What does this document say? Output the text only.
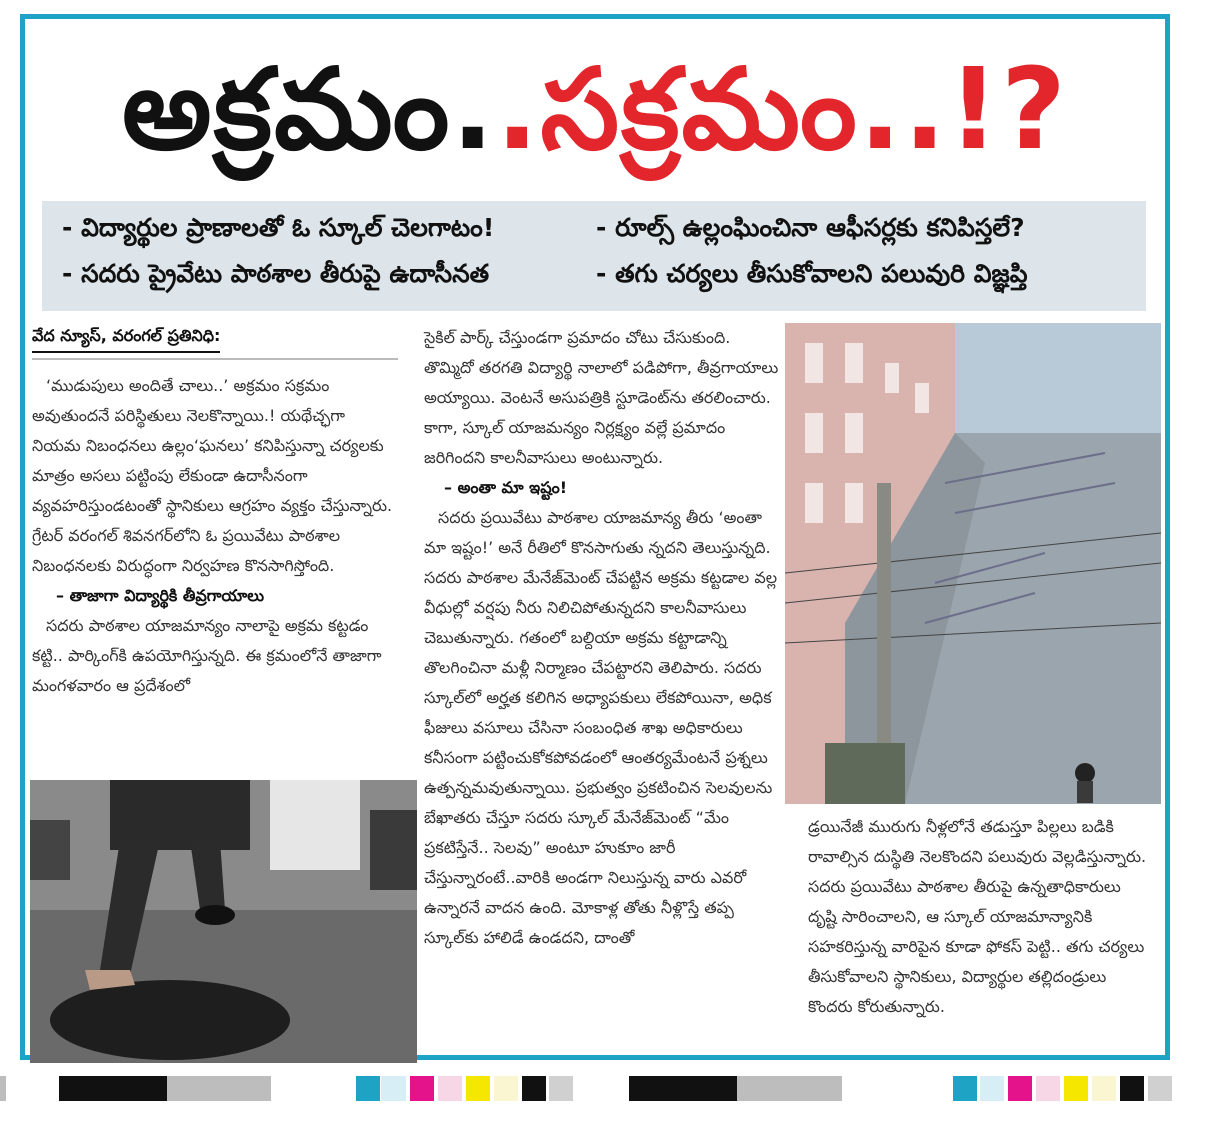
అక్రమం..సక్రమం..!?
- విద్యార్థుల ప్రాణాలతో ఓ స్కూల్ చెలగాటం!	- రూల్స్ ఉల్లంఘించినా ఆఫీసర్లకు కనిపిస్తలే?
- సదరు ప్రైవేటు పాఠశాల తీరుపై ఉదాసీనత	- తగు చర్యలు తీసుకోవాలని పలువురి విజ్ఞప్తి
వేద న్యూస్, వరంగల్ ప్రతినిధి:

‘ముడుపులు అందితే చాలు..’ అక్రమం సక్రమం అవుతుందనే పరిస్థితులు నెలకొన్నాయి.! యథేచ్ఛగా నియమ నిబంధనలు ఉల్లం‘ఘనలు’ కనిపిస్తున్నా చర్యలకు మాత్రం అసలు పట్టింపు లేకుండా ఉదాసీనంగా వ్యవహరిస్తుండటంతో స్థానికులు ఆగ్రహం వ్యక్తం చేస్తున్నారు. గ్రేటర్ వరంగల్ శివనగర్‌లోని ఓ ప్రయివేటు పాఠశాల నిబంధనలకు విరుద్ధంగా నిర్వహణ కొనసాగిస్తోంది.

– తాజాగా విద్యార్థికి తీవ్రగాయాలు

సదరు పాఠశాల యాజమాన్యం నాలాపై అక్రమ కట్టడం కట్టి.. పార్కింగ్‌కి ఉపయోగిస్తున్నది. ఈ క్రమంలోనే తాజాగా మంగళవారం ఆ ప్రదేశంలో

సైకిల్ పార్క్ చేస్తుండగా ప్రమాదం చోటు చేసుకుంది. తొమ్మిదో తరగతి విద్యార్థి నాలాలో పడిపోగా, తీవ్రగాయాలు అయ్యాయి. వెంటనే అసుపత్రికి స్టూడెంట్‌ను తరలించారు. కాగా, స్కూల్ యాజమన్యం నిర్లక్ష్యం వల్లే ప్రమాదం జరిగిందని కాలనీవాసులు అంటున్నారు.

– అంతా మా ఇష్టం!

సదరు ప్రయివేటు పాఠశాల యాజమాన్య తీరు ‘అంతా మా ఇష్టం!’ అనే రీతిలో కొనసాగుతు న్నదని తెలుస్తున్నది. సదరు పాఠశాల మేనేజ్‌మెంట్ చేపట్టిన అక్రమ కట్టడాల వల్ల వీధుల్లో వర్షపు నీరు నిలిచిపోతున్నదని కాలనీవాసులు చెబుతున్నారు. గతంలో బల్దియా అక్రమ కట్టాడాన్ని తొలగించినా మళ్లీ నిర్మాణం చేపట్టారని తెలిపారు. సదరు స్కూల్‌లో అర్హత కలిగిన అధ్యాపకులు లేకపోయినా, అధిక ఫీజులు వసూలు చేసినా సంబంధిత శాఖ అధికారులు కనీసంగా పట్టించుకోకపోవడంలో ఆంతర్యమేంటనే ప్రశ్నలు ఉత్పన్నమవుతున్నాయి. ప్రభుత్వం ప్రకటించిన సెలవులను బేఖాతరు చేస్తూ సదరు స్కూల్ మేనేజ్‌మెంట్ “మేం ప్రకటిస్తేనే.. సెలవు” అంటూ హుకూం జారీ చేస్తున్నారంటే..వారికి అండగా నిలుస్తున్న వారు ఎవరో ఉన్నారనే వాదన ఉంది. మోకాళ్ల తోతు నీళ్లొస్తే తప్ప స్కూల్‌కు హాలిడే ఉండదని, దాంతో

డ్రయినేజీ మురుగు నీళ్లలోనే తడుస్తూ పిల్లలు బడికి రావాల్సిన దుస్థితి నెలకొందని పలువురు వెల్లడిస్తున్నారు. సదరు ప్రయివేటు పాఠశాల తీరుపై ఉన్నతాధికారులు దృష్టి సారించాలని, ఆ స్కూల్ యాజమాన్యానికి సహకరిస్తున్న వారిపైన కూడా ఫోకస్ పెట్టి.. తగు చర్యలు తీసుకోవాలని స్థానికులు, విద్యార్థుల తల్లిదండ్రులు కొందరు కోరుతున్నారు.
